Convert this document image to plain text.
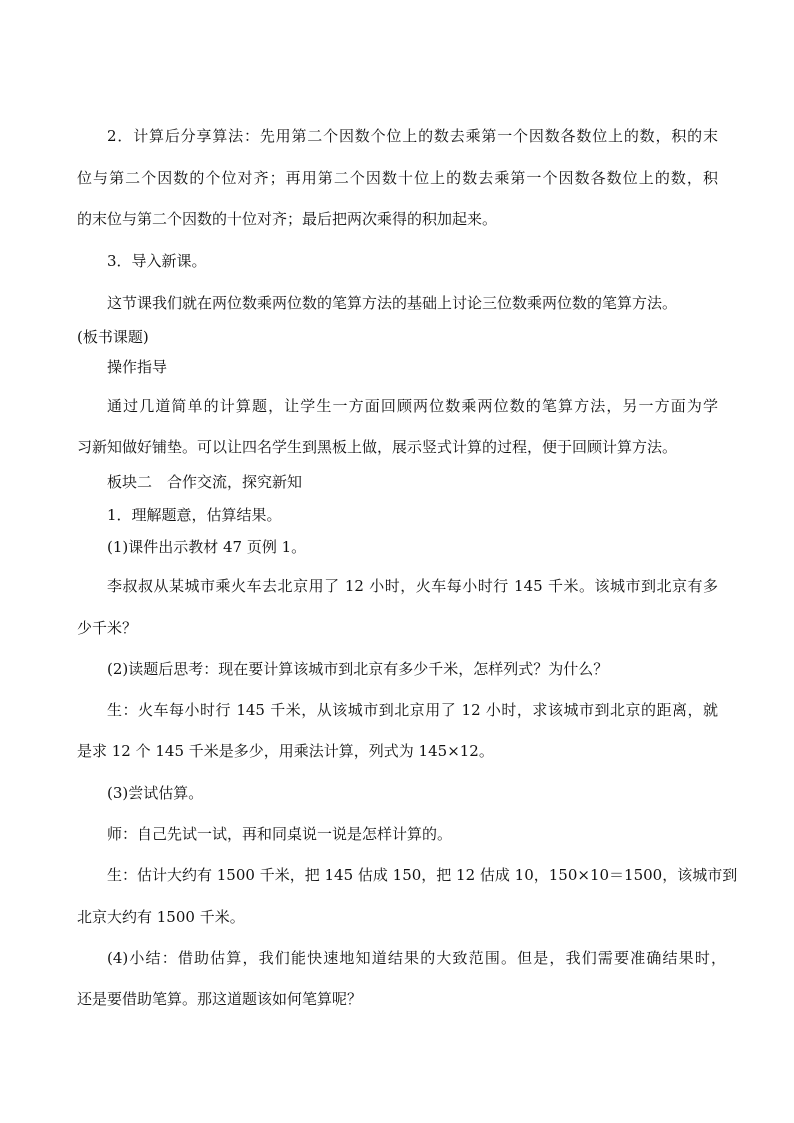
2．计算后分享算法：先用第二个因数个位上的数去乘第一个因数各数位上的数，积的末
位与第二个因数的个位对齐；再用第二个因数十位上的数去乘第一个因数各数位上的数，积
的末位与第二个因数的十位对齐；最后把两次乘得的积加起来。
3．导入新课。
这节课我们就在两位数乘两位数的笔算方法的基础上讨论三位数乘两位数的笔算方法。
(板书课题)
操作指导
通过几道简单的计算题，让学生一方面回顾两位数乘两位数的笔算方法，另一方面为学
习新知做好铺垫。可以让四名学生到黑板上做，展示竖式计算的过程，便于回顾计算方法。
板块二　合作交流，探究新知
1．理解题意，估算结果。
(1)课件出示教材 47 页例 1。
李叔叔从某城市乘火车去北京用了 12 小时，火车每小时行 145 千米。该城市到北京有多
少千米？
(2)读题后思考：现在要计算该城市到北京有多少千米，怎样列式？为什么？
生：火车每小时行 145 千米，从该城市到北京用了 12 小时，求该城市到北京的距离，就
是求 12 个 145 千米是多少，用乘法计算，列式为 145×12。
(3)尝试估算。
师：自己先试一试，再和同桌说一说是怎样计算的。
生：估计大约有 1500 千米，把 145 估成 150，把 12 估成 10，150×10＝1500，该城市到
北京大约有 1500 千米。
(4)小结：借助估算，我们能快速地知道结果的大致范围。但是，我们需要准确结果时，
还是要借助笔算。那这道题该如何笔算呢？
